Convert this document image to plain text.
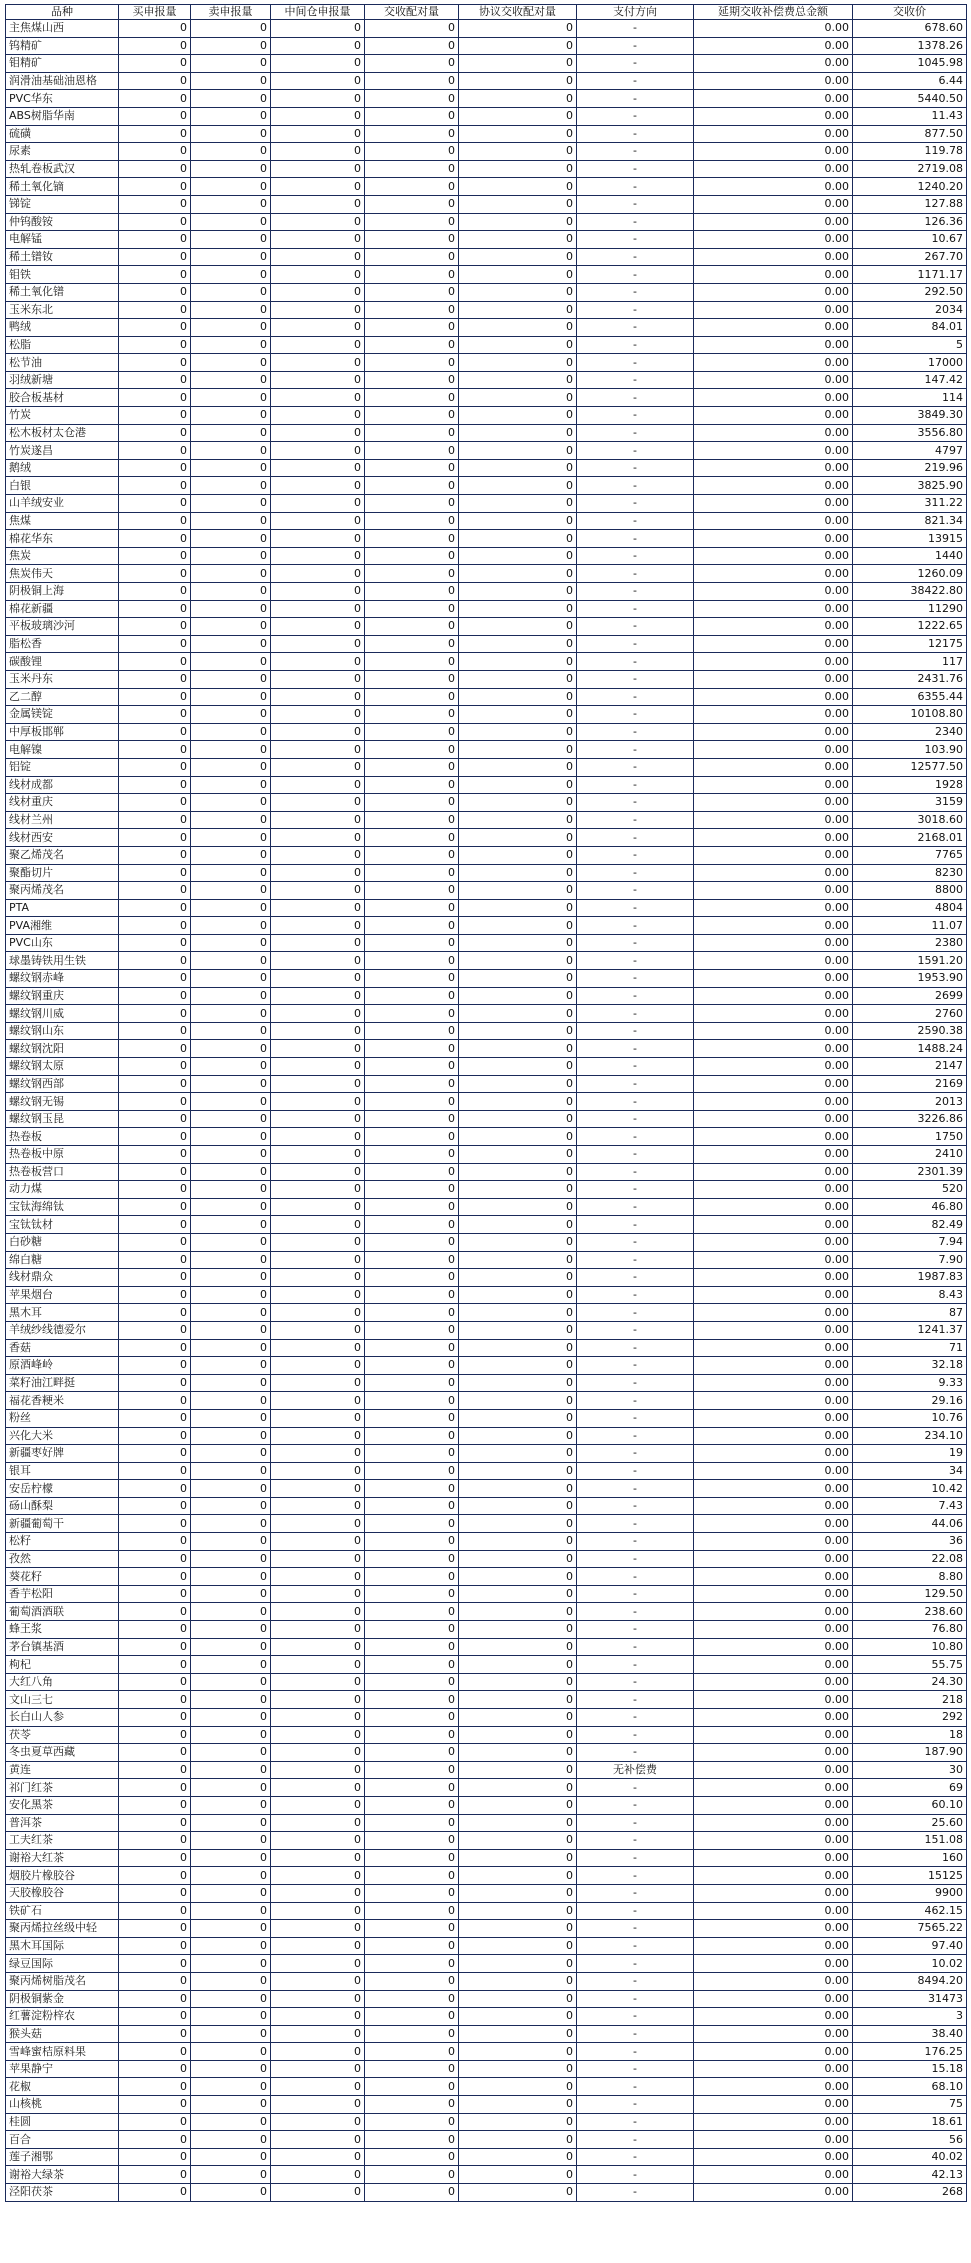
品种	买申报量	卖申报量	中间仓申报量	交收配对量	协议交收配对量	支付方向	延期交收补偿费总金额	交收价
主焦煤山西	0	0	0	0	0	-	0.00	678.60
钨精矿	0	0	0	0	0	-	0.00	1378.26
钼精矿	0	0	0	0	0	-	0.00	1045.98
润滑油基础油恩格	0	0	0	0	0	-	0.00	6.44
PVC华东	0	0	0	0	0	-	0.00	5440.50
ABS树脂华南	0	0	0	0	0	-	0.00	11.43
硫磺	0	0	0	0	0	-	0.00	877.50
尿素	0	0	0	0	0	-	0.00	119.78
热轧卷板武汉	0	0	0	0	0	-	0.00	2719.08
稀土氧化镝	0	0	0	0	0	-	0.00	1240.20
锑锭	0	0	0	0	0	-	0.00	127.88
仲钨酸铵	0	0	0	0	0	-	0.00	126.36
电解锰	0	0	0	0	0	-	0.00	10.67
稀土镨钕	0	0	0	0	0	-	0.00	267.70
钼铁	0	0	0	0	0	-	0.00	1171.17
稀土氧化镨	0	0	0	0	0	-	0.00	292.50
玉米东北	0	0	0	0	0	-	0.00	2034
鸭绒	0	0	0	0	0	-	0.00	84.01
松脂	0	0	0	0	0	-	0.00	5
松节油	0	0	0	0	0	-	0.00	17000
羽绒新塘	0	0	0	0	0	-	0.00	147.42
胶合板基材	0	0	0	0	0	-	0.00	114
竹炭	0	0	0	0	0	-	0.00	3849.30
松木板材太仓港	0	0	0	0	0	-	0.00	3556.80
竹炭遂昌	0	0	0	0	0	-	0.00	4797
鹅绒	0	0	0	0	0	-	0.00	219.96
白银	0	0	0	0	0	-	0.00	3825.90
山羊绒安业	0	0	0	0	0	-	0.00	311.22
焦煤	0	0	0	0	0	-	0.00	821.34
棉花华东	0	0	0	0	0	-	0.00	13915
焦炭	0	0	0	0	0	-	0.00	1440
焦炭伟天	0	0	0	0	0	-	0.00	1260.09
阴极铜上海	0	0	0	0	0	-	0.00	38422.80
棉花新疆	0	0	0	0	0	-	0.00	11290
平板玻璃沙河	0	0	0	0	0	-	0.00	1222.65
脂松香	0	0	0	0	0	-	0.00	12175
碳酸锂	0	0	0	0	0	-	0.00	117
玉米丹东	0	0	0	0	0	-	0.00	2431.76
乙二醇	0	0	0	0	0	-	0.00	6355.44
金属镁锭	0	0	0	0	0	-	0.00	10108.80
中厚板邯郸	0	0	0	0	0	-	0.00	2340
电解镍	0	0	0	0	0	-	0.00	103.90
铝锭	0	0	0	0	0	-	0.00	12577.50
线材成都	0	0	0	0	0	-	0.00	1928
线材重庆	0	0	0	0	0	-	0.00	3159
线材兰州	0	0	0	0	0	-	0.00	3018.60
线材西安	0	0	0	0	0	-	0.00	2168.01
聚乙烯茂名	0	0	0	0	0	-	0.00	7765
聚酯切片	0	0	0	0	0	-	0.00	8230
聚丙烯茂名	0	0	0	0	0	-	0.00	8800
PTA	0	0	0	0	0	-	0.00	4804
PVA湘维	0	0	0	0	0	-	0.00	11.07
PVC山东	0	0	0	0	0	-	0.00	2380
球墨铸铁用生铁	0	0	0	0	0	-	0.00	1591.20
螺纹钢赤峰	0	0	0	0	0	-	0.00	1953.90
螺纹钢重庆	0	0	0	0	0	-	0.00	2699
螺纹钢川威	0	0	0	0	0	-	0.00	2760
螺纹钢山东	0	0	0	0	0	-	0.00	2590.38
螺纹钢沈阳	0	0	0	0	0	-	0.00	1488.24
螺纹钢太原	0	0	0	0	0	-	0.00	2147
螺纹钢西部	0	0	0	0	0	-	0.00	2169
螺纹钢无锡	0	0	0	0	0	-	0.00	2013
螺纹钢玉昆	0	0	0	0	0	-	0.00	3226.86
热卷板	0	0	0	0	0	-	0.00	1750
热卷板中原	0	0	0	0	0	-	0.00	2410
热卷板营口	0	0	0	0	0	-	0.00	2301.39
动力煤	0	0	0	0	0	-	0.00	520
宝钛海绵钛	0	0	0	0	0	-	0.00	46.80
宝钛钛材	0	0	0	0	0	-	0.00	82.49
白砂糖	0	0	0	0	0	-	0.00	7.94
绵白糖	0	0	0	0	0	-	0.00	7.90
线材鼎众	0	0	0	0	0	-	0.00	1987.83
苹果烟台	0	0	0	0	0	-	0.00	8.43
黑木耳	0	0	0	0	0	-	0.00	87
羊绒纱线德爱尔	0	0	0	0	0	-	0.00	1241.37
香菇	0	0	0	0	0	-	0.00	71
原酒峰岭	0	0	0	0	0	-	0.00	32.18
菜籽油江畔挺	0	0	0	0	0	-	0.00	9.33
福花香粳米	0	0	0	0	0	-	0.00	29.16
粉丝	0	0	0	0	0	-	0.00	10.76
兴化大米	0	0	0	0	0	-	0.00	234.10
新疆枣好牌	0	0	0	0	0	-	0.00	19
银耳	0	0	0	0	0	-	0.00	34
安岳柠檬	0	0	0	0	0	-	0.00	10.42
砀山酥梨	0	0	0	0	0	-	0.00	7.43
新疆葡萄干	0	0	0	0	0	-	0.00	44.06
松籽	0	0	0	0	0	-	0.00	36
孜然	0	0	0	0	0	-	0.00	22.08
葵花籽	0	0	0	0	0	-	0.00	8.80
香芋松阳	0	0	0	0	0	-	0.00	129.50
葡萄酒酒联	0	0	0	0	0	-	0.00	238.60
蜂王浆	0	0	0	0	0	-	0.00	76.80
茅台镇基酒	0	0	0	0	0	-	0.00	10.80
枸杞	0	0	0	0	0	-	0.00	55.75
大红八角	0	0	0	0	0	-	0.00	24.30
文山三七	0	0	0	0	0	-	0.00	218
长白山人参	0	0	0	0	0	-	0.00	292
茯苓	0	0	0	0	0	-	0.00	18
冬虫夏草西藏	0	0	0	0	0	-	0.00	187.90
黄连	0	0	0	0	0	无补偿费	0.00	30
祁门红茶	0	0	0	0	0	-	0.00	69
安化黑茶	0	0	0	0	0	-	0.00	60.10
普洱茶	0	0	0	0	0	-	0.00	25.60
工夫红茶	0	0	0	0	0	-	0.00	151.08
谢裕大红茶	0	0	0	0	0	-	0.00	160
烟胶片橡胶谷	0	0	0	0	0	-	0.00	15125
天胶橡胶谷	0	0	0	0	0	-	0.00	9900
铁矿石	0	0	0	0	0	-	0.00	462.15
聚丙烯拉丝级中轻	0	0	0	0	0	-	0.00	7565.22
黑木耳国际	0	0	0	0	0	-	0.00	97.40
绿豆国际	0	0	0	0	0	-	0.00	10.02
聚丙烯树脂茂名	0	0	0	0	0	-	0.00	8494.20
阴极铜紫金	0	0	0	0	0	-	0.00	31473
红薯淀粉梓农	0	0	0	0	0	-	0.00	3
猴头菇	0	0	0	0	0	-	0.00	38.40
雪峰蜜桔原料果	0	0	0	0	0	-	0.00	176.25
苹果静宁	0	0	0	0	0	-	0.00	15.18
花椒	0	0	0	0	0	-	0.00	68.10
山核桃	0	0	0	0	0	-	0.00	75
桂圆	0	0	0	0	0	-	0.00	18.61
百合	0	0	0	0	0	-	0.00	56
莲子湘鄂	0	0	0	0	0	-	0.00	40.02
谢裕大绿茶	0	0	0	0	0	-	0.00	42.13
泾阳茯茶	0	0	0	0	0	-	0.00	268
